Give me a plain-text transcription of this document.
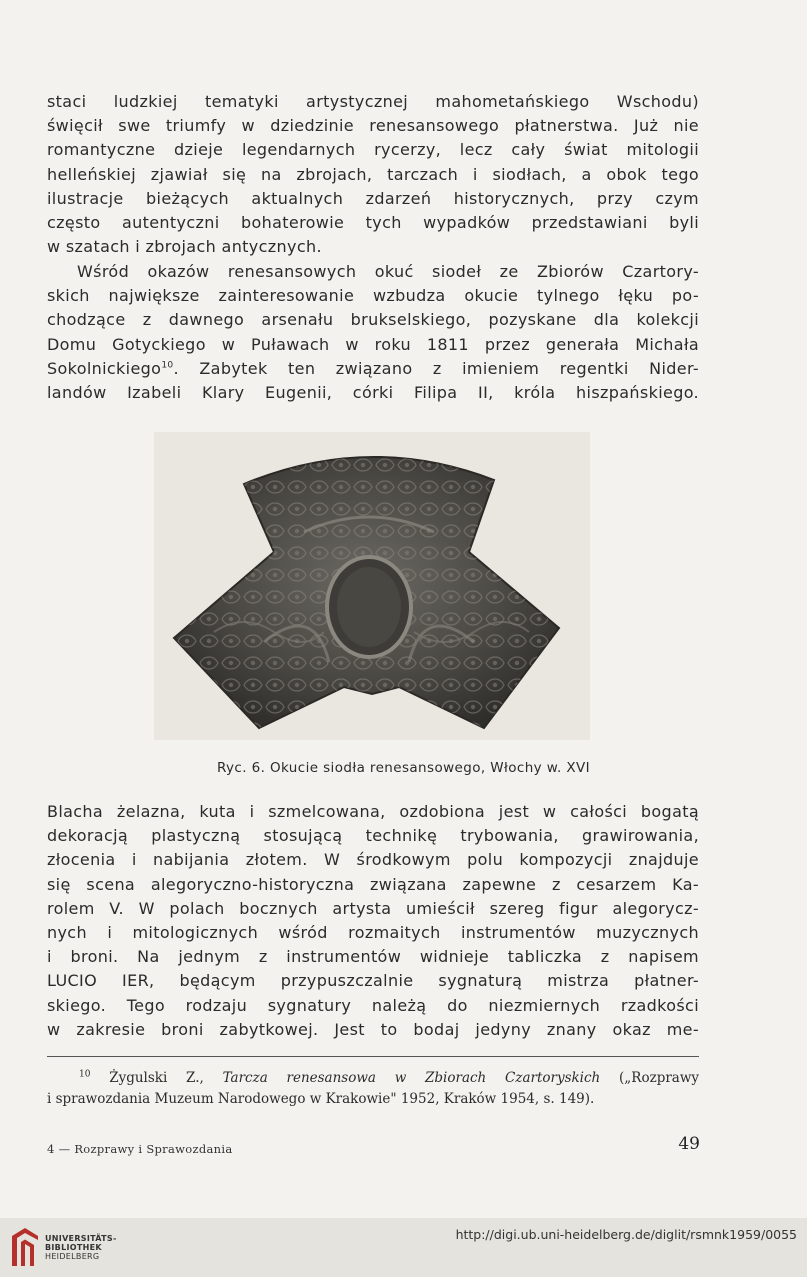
staci ludzkiej tematyki artystycznej mahometańskiego Wschodu)
święcił swe triumfy w dziedzinie renesansowego płatnerstwa. Już nie
romantyczne dzieje legendarnych rycerzy, lecz cały świat mitologii
helleńskiej zjawiał się na zbrojach, tarczach i siodłach, a obok tego
ilustracje bieżących aktualnych zdarzeń historycznych, przy czym
często autentyczni bohaterowie tych wypadków przedstawiani byli
w szatach i zbrojach antycznych.

Wśród okazów renesansowych okuć siodeł ze Zbiorów Czartory-
skich największe zainteresowanie wzbudza okucie tylnego łęku po-
chodzące z dawnego arsenału brukselskiego, pozyskane dla kolekcji
Domu Gotyckiego w Puławach w roku 1811 przez generała Michała
Sokolnickiego$^{10}$. Zabytek ten związano z imieniem regentki Nider-
landów Izabeli Klary Eugenii, córki Filipa II, króla hiszpańskiego.

Ryc. 6. Okucie siodła renesansowego, Włochy w. XVI

Blacha żelazna, kuta i szmelcowana, ozdobiona jest w całości bogatą
dekoracją plastyczną stosującą technikę trybowania, grawirowania,
złocenia i nabijania złotem. W środkowym polu kompozycji znajduje
się scena alegoryczno-historyczna związana zapewne z cesarzem Ka-
rolem V. W polach bocznych artysta umieścił szereg figur alegorycz-
nych i mitologicznych wśród rozmaitych instrumentów muzycznych
i broni. Na jednym z instrumentów widnieje tabliczka z napisem
LUCIO IER, będącym przypuszczalnie sygnaturą mistrza płatner-
skiego. Tego rodzaju sygnatury należą do niezmiernych rzadkości
w zakresie broni zabytkowej. Jest to bodaj jedyny znany okaz me-

$^{10}$ Żygulski Z., Tarcza renesansowa w Zbiorach Czartoryskich („Rozprawy
i sprawozdania Muzeum Narodowego w Krakowie" 1952, Kraków 1954, s. 149).
4 — Rozprawy i Sprawozdania	49
UNIVERSITÄTS-
BIBLIOTHEK
HEIDELBERG
http://digi.ub.uni-heidelberg.de/diglit/rsmnk1959/0055
